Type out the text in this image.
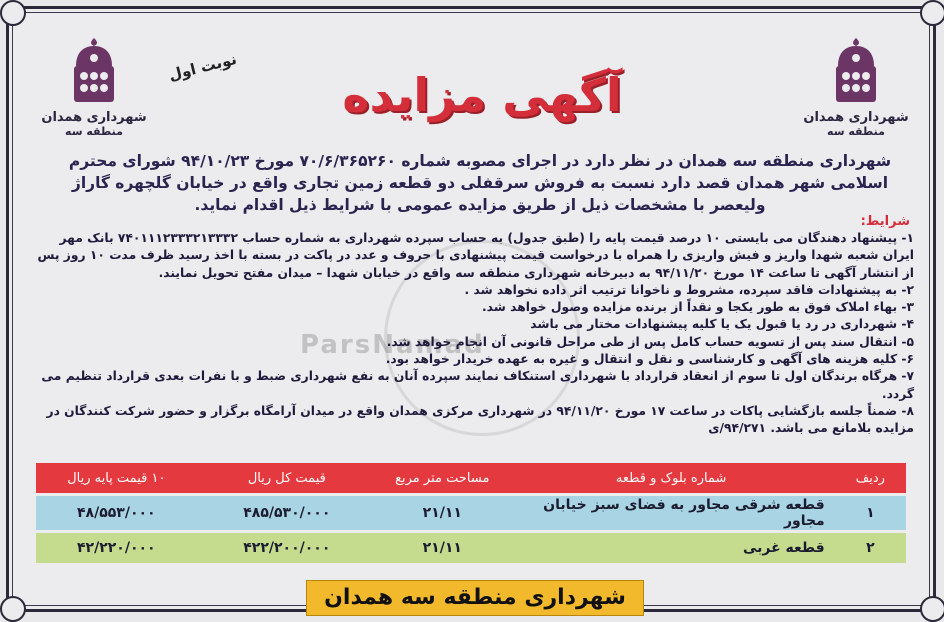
ParsNamad
شهرداری همدان
منطقه سه
شهرداری همدان
منطقه سه
نوبت اول
آگهی مزایده
شهرداری منطقه سه همدان در نظر دارد در اجرای مصوبه شماره ۷۰/۶/۳۶۵۲۶۰ مورخ ۹۴/۱۰/۲۳ شورای محترم اسلامی شهر همدان قصد دارد نسبت به فروش سرقفلی دو قطعه زمین تجاری واقع در خیابان گلچهره گاراژ ولیعصر با مشخصات ذیل از طریق مزایده عمومی با شرایط ذیل اقدام نماید.
شرایط:

۱- پیشنهاد دهندگان می بایستی ۱۰ درصد قیمت پایه را (طبق جدول) به حساب سپرده شهرداری به شماره حساب ۷۴۰۱۱۱۲۳۳۳۲۱۳۳۳۲ بانک مهر ایران شعبه شهدا واریز و فیش واریزی را همراه با درخواست قیمت پیشنهادی با حروف و عدد در پاکت در بسته با اخذ رسید ظرف مدت ۱۰ روز پس از انتشار آگهی تا ساعت ۱۴ مورخ ۹۴/۱۱/۲۰ به دبیرخانه شهرداری منطقه سه واقع در خیابان شهدا – میدان مفتح تحویل نمایند.

۲- به پیشنهادات فاقد سپرده، مشروط و ناخوانا ترتیب اثر داده نخواهد شد .

۳- بهاء املاک فوق به طور یکجا و نقداً از برنده مزایده وصول خواهد شد.

۴- شهرداری در رد یا قبول یک یا کلیه پیشنهادات مختار می باشد

۵- انتقال سند پس از تسویه حساب کامل پس از طی مراحل قانونی آن انجام خواهد شد.

۶- کلیه هزینه های آگهی و کارشناسی و نقل و انتقال و غیره به عهده خریدار خواهد بود.

۷- هرگاه برندگان اول تا سوم از انعقاد قرارداد با شهرداری استنکاف نمایند سپرده آنان به نفع شهرداری ضبط و با نفرات بعدی قرارداد تنظیم می گردد.

۸- ضمناً جلسه بازگشایی پاکات در ساعت ۱۷ مورخ ۹۴/۱۱/۲۰ در شهرداری مرکزی همدان واقع در میدان آرامگاه برگزار و حضور شرکت کنندگان در مزایده بلامانع می باشد. ۹۴/۲۷۱/ی

ردیف	شماره بلوک و قطعه	مساحت متر مربع	قیمت کل ریال	۱۰ قیمت پایه ریال
۱	قطعه شرقی مجاور به فضای سبز خیابان مجاور	۲۱/۱۱	۴۸۵/۵۳۰/۰۰۰	۴۸/۵۵۳/۰۰۰
۲	قطعه غربی	۲۱/۱۱	۴۲۲/۲۰۰/۰۰۰	۴۲/۲۲۰/۰۰۰
شهرداری منطقه سه همدان
